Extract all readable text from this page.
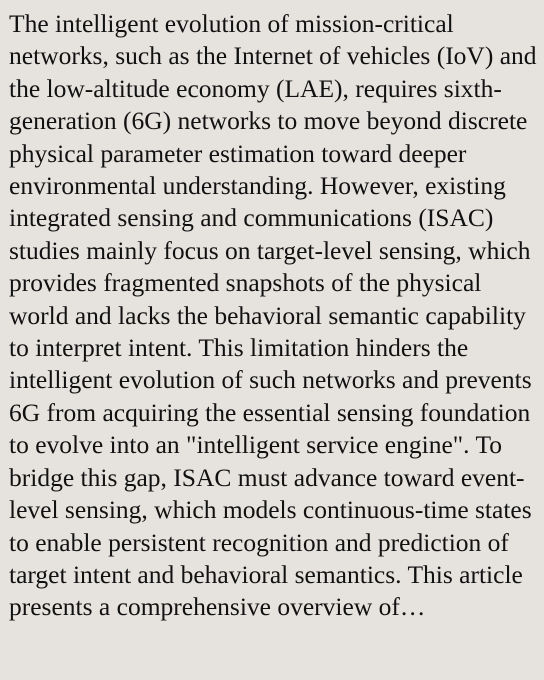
The intelligent evolution of mission-critical networks, such as the Internet of vehicles (IoV) and the low-altitude economy (LAE), requires sixth-generation (6G) networks to move beyond discrete physical parameter estimation toward deeper environmental understanding. However, existing integrated sensing and communications (ISAC) studies mainly focus on target-level sensing, which provides fragmented snapshots of the physical world and lacks the behavioral semantic capability to interpret intent. This limitation hinders the intelligent evolution of such networks and prevents 6G from acquiring the essential sensing foundation to evolve into an "intelligent service engine". To bridge this gap, ISAC must advance toward event-level sensing, which models continuous-time states to enable persistent recognition and prediction of target intent and behavioral semantics. This article presents a comprehensive overview of…
